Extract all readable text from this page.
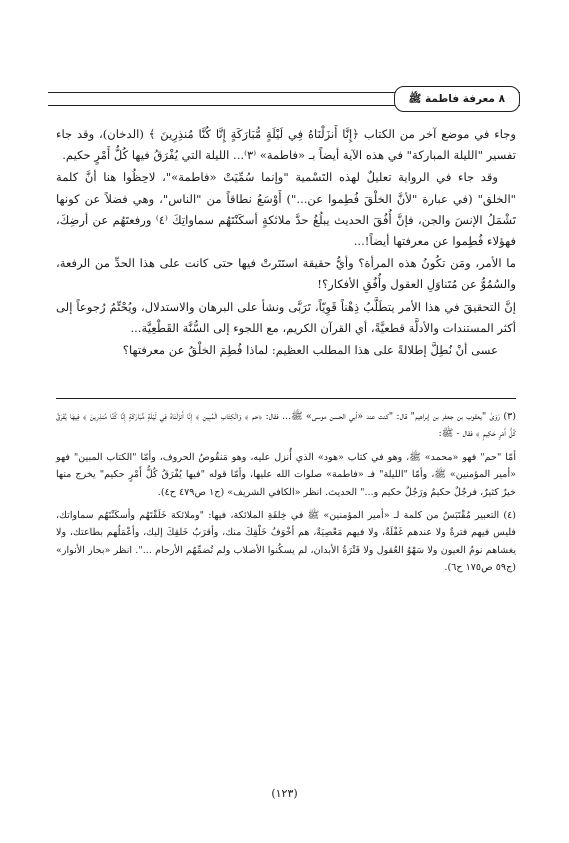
٨ معرفة فاطمة ﷺ

وجاء في موضع آخر من الكتاب ﴿إِنَّا أَنزَلْنَاهُ فِي لَيْلَةٍ مُّبَارَكَةٍ إِنَّا كُنَّا مُنذِرِينَ ﴾ (الدخان)، وقد جاء تفسير "الليلة المباركة" في هذه الآية أيضاً بـ «فاطمة» ⁽٣⁾... الليلة التي يُفْرَقُ فيها كُلُّ أَمْرٍ حكيم.

وقد جاء في الرواية تعليلٌ لهذه التَسْمية "وإنما سُمِّيَتْ «فاطمة»"، لاحِظُوا هنا أنَّ كلمة "الخلق" (في عبارة "لأنَّ الخلْقَ فُطِموا عن...") أَوْسَعُ نطاقاً من "الناس"، وهي فضلاً عن كونها تَشْمَلُ الإنسَ والجن، فإنَّ أُفُقَ الحديث يبلُغُ حدَّ ملائكةٍ أسكَنْتَهُم سماواتِكَ ⁽٤⁾ ورفعتَهُم عن أرضِكَ، فهؤلاء فُطِموا عن معرفتها أيضاً!...

ما الأمر، ومَن تكُونُ هذه المرأة؟ وأيُّ حقيقة استَتَرتْ فيها حتى كانت على هذا الحدِّ من الرفعة، والسُمُوُّ عن مُتَناوَلِ العقول وأُفُقِ الأفكار؟!

إنَّ التحقيقَ في هذا الأمر يتطَلَّبُ ذِهْناً قَوِيّاً، تَرَبَّى ونشأ على البرهان والاستدلال، ويُحْتِّمُ رُجوعاً إلى أكثر المستندات والأدلَّة قطعيَّةً، أي القرآن الكريم، مع اللجوء إلى السُّنَّة القَطْعِيَّة...

عسى أنْ نُطِلَّ إطلالةً على هذا المطلب العظيم: لماذا فُطِمَ الخلْقُ عن معرفتها؟

(٣) رَوَىٰ "يعقوب بن جعفر بن إبراهيم" قال: "كنت عند «أبي الحسن موسى» ﷺ... فقال: ﴿حم ﴾ وَالْكِتَابِ الْمُبِينِ ﴾ إِنَّا أَنزَلْنَاهُ فِي لَيْلَةٍ مُّبَارَكَةٍ إِنَّا كُنَّا مُنذِرِينَ ﴾ فِيهَا يُفْرَقُ كُلُّ أَمْرٍ حَكِيمٍ ﴾ فقال - ﷺ:

أمّا "حم" فهو «محمد» ﷺ، وهو في كتاب «هود» الذي أُنزل عليه، وهو مَنقُوصُ الحروف، وأمّا "الكتاب المبين" فهو «أمير المؤمنين» ﷺ، وأمّا "الليلة" فـ «فاطمة» صلوات الله عليها، وأمّا قوله "فيها يُفْرَقُ كُلُّ أَمْرٍ حكيم" يخرج منها خيرٌ كثيرٌ، فرجُلٌ حكيمٌ ورَجُلٌ حكيم و..." الحديث. انظر «الكافي الشريف» (ج١ ص٤٧٩ ح٤).

(٤) التعبير مُقْتَبَسٌ من كلمة لـ «أمير المؤمنين» ﷺ في خِلقَةِ الملائكة، فيها: "وملائكة خَلَقْتَهُم وأسكَنْتَهُم سماواتك، فليس فيهم فترةٌ ولا عندهم غَفْلَةٌ، ولا فيهم مَعْصِيَةٌ، هم أخْوَفُ خَلْقِكَ منك، وأقرَبُ خَلقِكَ إليك، وأعْمَلُهم بطاعتك، ولا يغشاهم نومُ العيون ولا سَهْوُ العُقول ولا فَتْرَةُ الأبدان، لم يسكُنوا الأصلاب ولم تُضمِّهُم الأرحام ...". انظر «بحار الأنوار» (ج٥٩ ص١٧٥ ح٦).

(١٢٣)
